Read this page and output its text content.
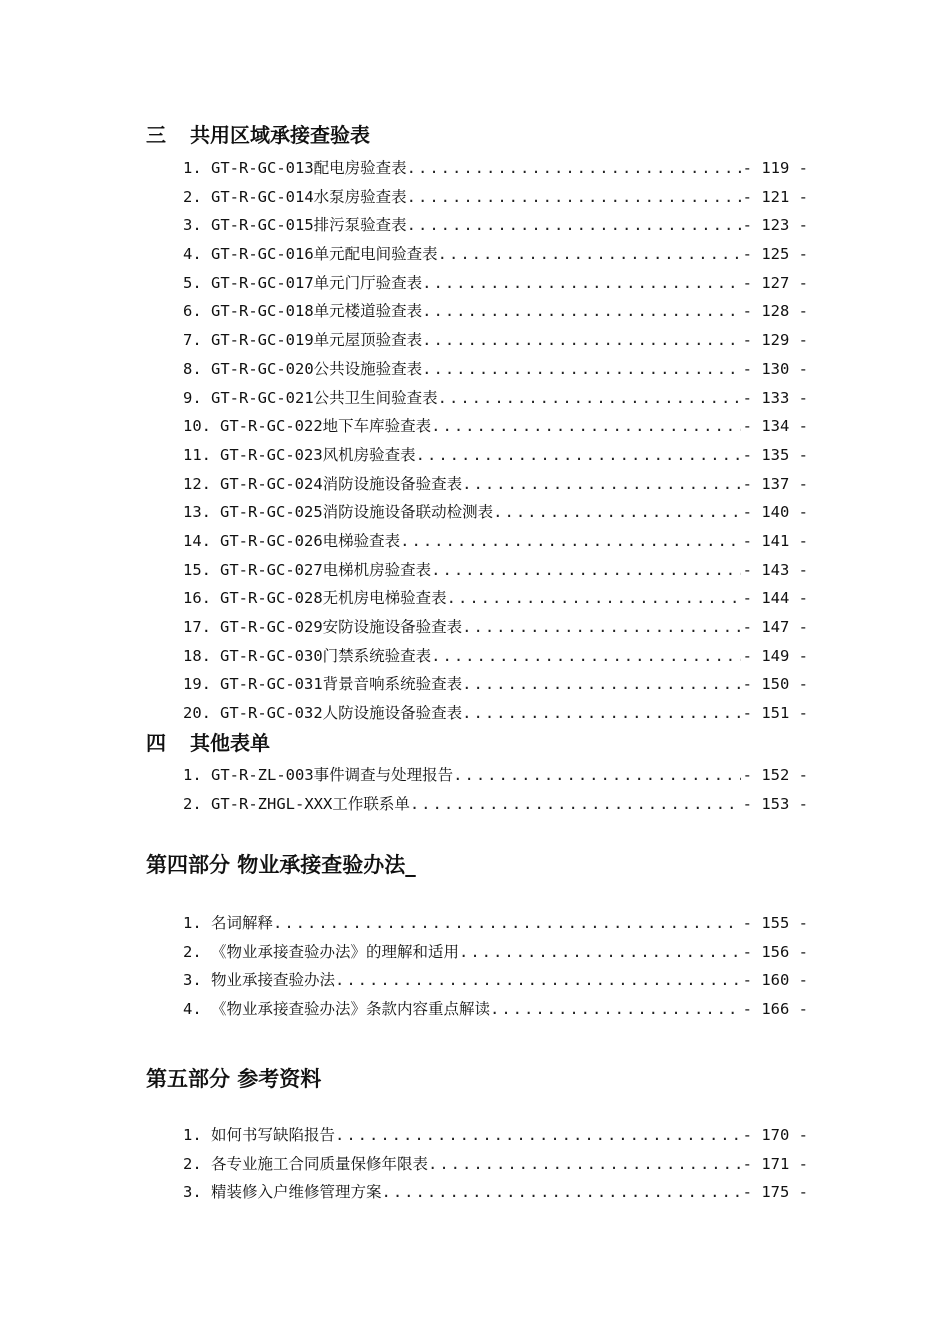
三 共用区域承接查验表
1. GT-R-GC-013 配电房验查表 .....	- 119 -
2. GT-R-GC-014 水泵房验查表 .....	- 121 -
3. GT-R-GC-015 排污泵验查表 .....	- 123 -
4. GT-R-GC-016 单元配电间验查表 .....	- 125 -
5. GT-R-GC-017 单元门厅验查表 .....	- 127 -
6. GT-R-GC-018 单元楼道验查表 .....	- 128 -
7. GT-R-GC-019 单元屋顶验查表 .....	- 129 -
8. GT-R-GC-020 公共设施验查表 .....	- 130 -
9. GT-R-GC-021 公共卫生间验查表 .....	- 133 -
10. GT-R-GC-022 地下车库验查表 .....	- 134 -
11. GT-R-GC-023 风机房验查表 .....	- 135 -
12. GT-R-GC-024 消防设施设备验查表 .....	- 137 -
13. GT-R-GC-025 消防设施设备联动检测表 .....	- 140 -
14. GT-R-GC-026 电梯验查表 .....	- 141 -
15. GT-R-GC-027 电梯机房验查表 .....	- 143 -
16. GT-R-GC-028 无机房电梯验查表 .....	- 144 -
17. GT-R-GC-029 安防设施设备验查表 .....	- 147 -
18. GT-R-GC-030 门禁系统验查表 .....	- 149 -
19. GT-R-GC-031 背景音响系统验查表 .....	- 150 -
20. GT-R-GC-032 人防设施设备验查表 .....	- 151 -
四 其他表单
1. GT-R-ZL-003 事件调查与处理报告 .....	- 152 -
2. GT-R-ZHGL-XXX 工作联系单 .....	- 153 -
第四部分 物业承接查验办法_
1. 名词解释 .....	- 155 -
2. 《物业承接查验办法》的理解和适用 .....	- 156 -
3. 物业承接查验办法 .....	- 160 -
4. 《物业承接查验办法》条款内容重点解读 .....	- 166 -
第五部分 参考资料
1. 如何书写缺陷报告 .....	- 170 -
2. 各专业施工合同质量保修年限表 .....	- 171 -
3. 精装修入户维修管理方案 .....	- 175 -
